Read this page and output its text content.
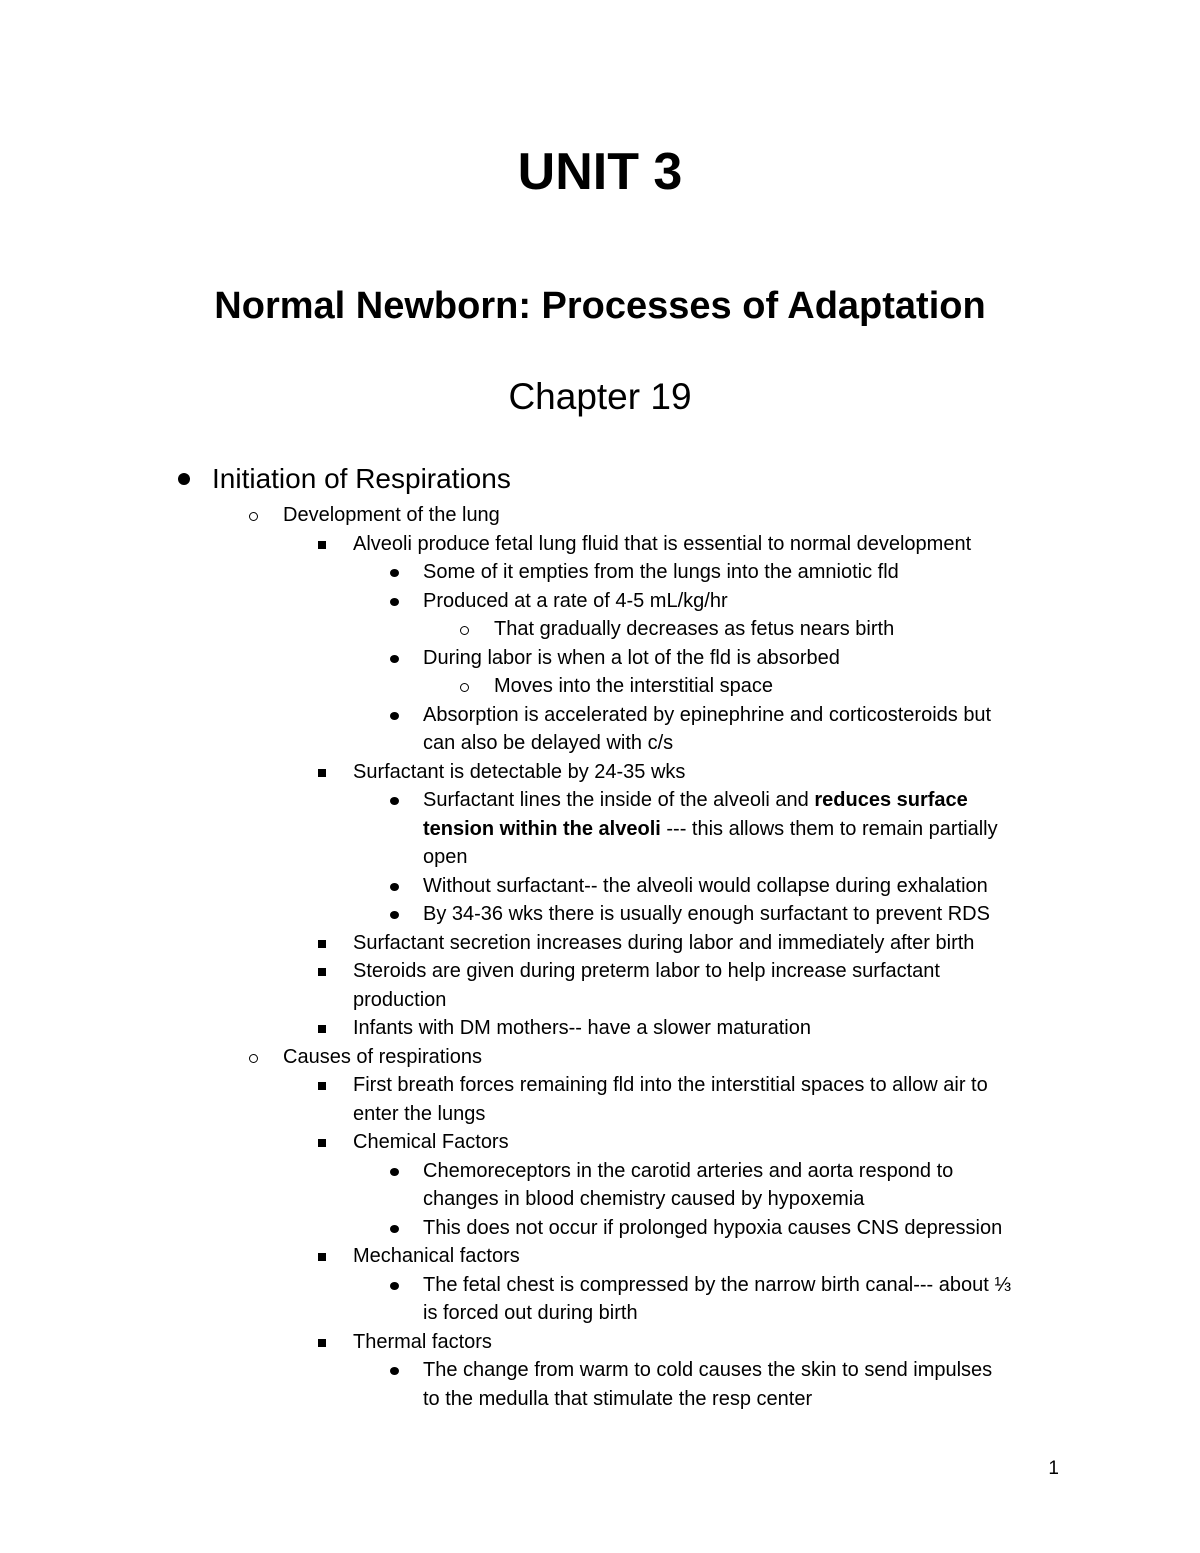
UNIT 3
Normal Newborn: Processes of Adaptation
Chapter 19
Initiation of Respirations
Development of the lung
Alveoli produce fetal lung fluid that is essential to normal development
Some of it empties from the lungs into the amniotic fld
Produced at a rate of 4-5 mL/kg/hr
That gradually decreases as fetus nears birth
During labor is when a lot of the fld is absorbed
Moves into the interstitial space
Absorption is accelerated by epinephrine and corticosteroids but
can also be delayed with c/s
Surfactant is detectable by 24-35 wks
Surfactant lines the inside of the alveoli and reduces surface
tension within the alveoli --- this allows them to remain partially
open
Without surfactant-- the alveoli would collapse during exhalation
By 34-36 wks there is usually enough surfactant to prevent RDS
Surfactant secretion increases during labor and immediately after birth
Steroids are given during preterm labor to help increase surfactant
production
Infants with DM mothers-- have a slower maturation
Causes of respirations
First breath forces remaining fld into the interstitial spaces to allow air to
enter the lungs
Chemical Factors
Chemoreceptors in the carotid arteries and aorta respond to
changes in blood chemistry caused by hypoxemia
This does not occur if prolonged hypoxia causes CNS depression
Mechanical factors
The fetal chest is compressed by the narrow birth canal--- about ⅓
is forced out during birth
Thermal factors
The change from warm to cold causes the skin to send impulses
to the medulla that stimulate the resp center
1
